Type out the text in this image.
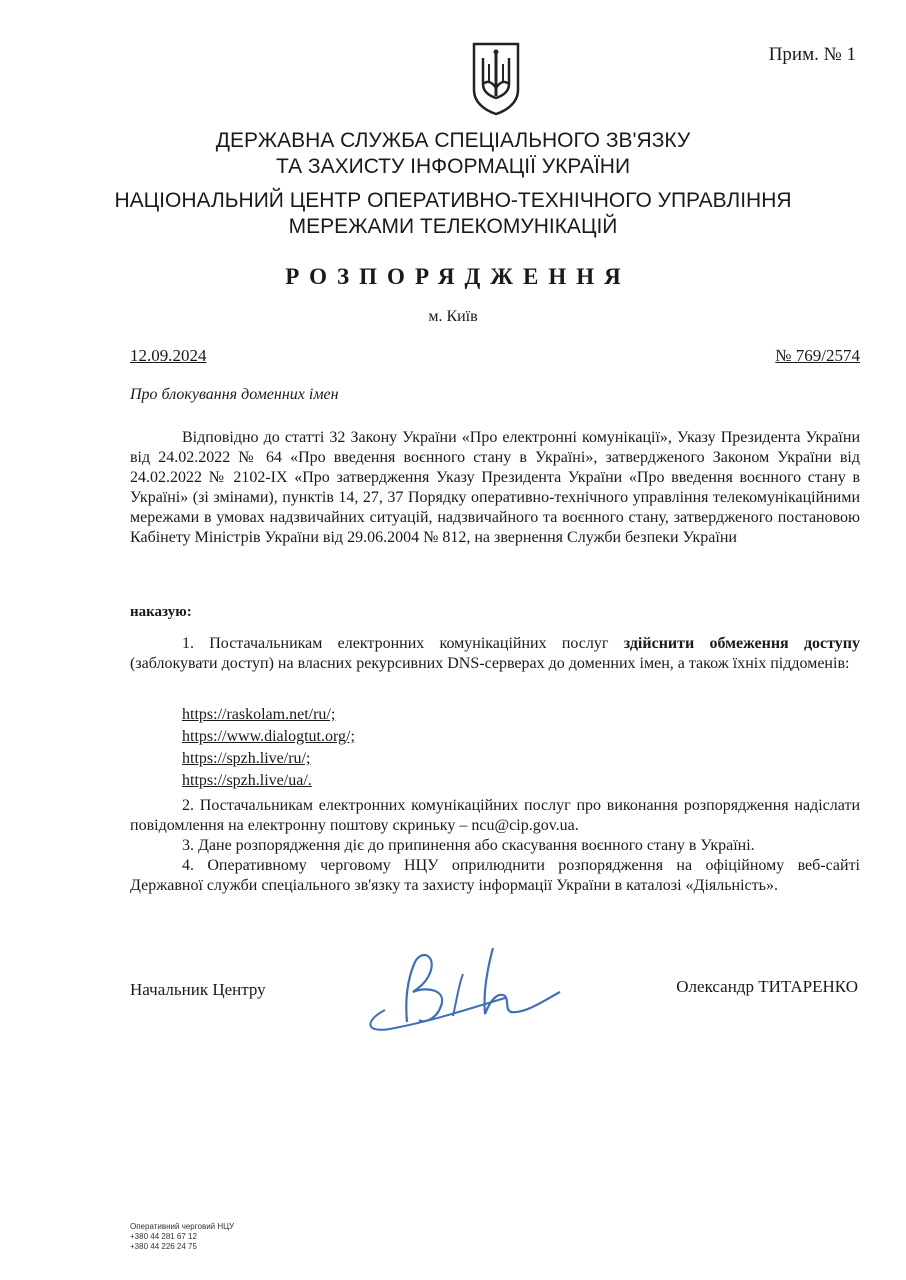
Прим. № 1
ДЕРЖАВНА СЛУЖБА СПЕЦІАЛЬНОГО ЗВ'ЯЗКУ
ТА ЗАХИСТУ ІНФОРМАЦІЇ УКРАЇНИ
НАЦІОНАЛЬНИЙ ЦЕНТР ОПЕРАТИВНО-ТЕХНІЧНОГО УПРАВЛІННЯ
МЕРЕЖАМИ ТЕЛЕКОМУНІКАЦІЙ
РОЗПОРЯДЖЕННЯ
м. Київ
12.09.2024	№ 769/2574
Про блокування доменних імен
Відповідно до статті 32 Закону України «Про електронні комунікації», Указу Президента України від 24.02.2022 № 64 «Про введення воєнного стану в Україні», затвердженого Законом України від 24.02.2022 № 2102-IX «Про затвердження Указу Президента України «Про введення воєнного стану в Україні» (зі змінами), пунктів 14, 27, 37 Порядку оперативно-технічного управління телекомунікаційними мережами в умовах надзвичайних ситуацій, надзвичайного та воєнного стану, затвердженого постановою Кабінету Міністрів України від 29.06.2004 № 812, на звернення Служби безпеки України
наказую:
1. Постачальникам електронних комунікаційних послуг здійснити обмеження доступу (заблокувати доступ) на власних рекурсивних DNS-серверах до доменних імен, а також їхніх піддоменів:
https://raskolam.net/ru/;
https://www.dialogtut.org/;
https://spzh.live/ru/;
https://spzh.live/ua/.
2. Постачальникам електронних комунікаційних послуг про виконання розпорядження надіслати повідомлення на електронну поштову скриньку – ncu@cip.gov.ua.
3. Дане розпорядження діє до припинення або скасування воєнного стану в Україні.
4. Оперативному черговому НЦУ оприлюднити розпорядження на офіційному веб-сайті Державної служби спеціального зв'язку та захисту інформації України в каталозі «Діяльність».
Начальник Центру	Олександр ТИТАРЕНКО
Оперативний черговий НЦУ
+380 44 281 67 12
+380 44 226 24 75
